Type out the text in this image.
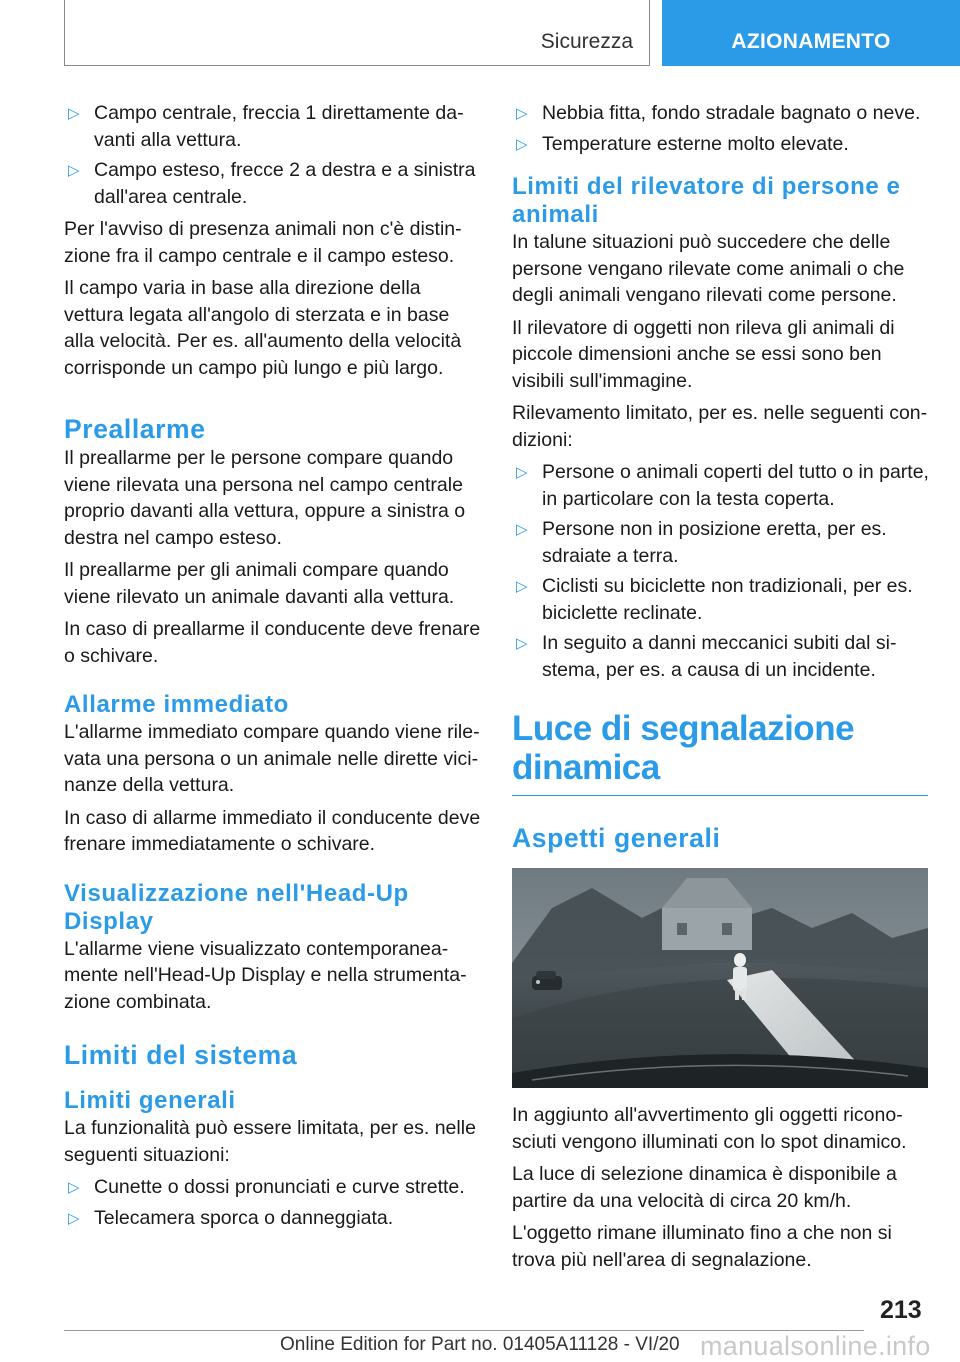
Sicurezza	AZIONAMENTO
▷ Campo centrale, freccia 1 direttamente davanti alla vettura.
▷ Campo esteso, frecce 2 a destra e a sinistra dall'area centrale.

Per l'avviso di presenza animali non c'è distinzione fra il campo centrale e il campo esteso.

Il campo varia in base alla direzione della vettura legata all'angolo di sterzata e in base alla velocità. Per es. all'aumento della velocità corrisponde un campo più lungo e più largo.

Preallarme

Il preallarme per le persone compare quando viene rilevata una persona nel campo centrale proprio davanti alla vettura, oppure a sinistra o destra nel campo esteso.

Il preallarme per gli animali compare quando viene rilevato un animale davanti alla vettura.

In caso di preallarme il conducente deve frenare o schivare.

Allarme immediato

L'allarme immediato compare quando viene rilevata una persona o un animale nelle dirette vicinanze della vettura.

In caso di allarme immediato il conducente deve frenare immediatamente o schivare.

Visualizzazione nell'Head-Up Display

L'allarme viene visualizzato contemporaneamente nell'Head-Up Display e nella strumentazione combinata.

Limiti del sistema
Limiti generali

La funzionalità può essere limitata, per es. nelle seguenti situazioni:

▷ Cunette o dossi pronunciati e curve strette.
▷ Telecamera sporca o danneggiata.
▷ Nebbia fitta, fondo stradale bagnato o neve.
▷ Temperature esterne molto elevate.
Limiti del rilevatore di persone e animali

In talune situazioni può succedere che delle persone vengano rilevate come animali o che degli animali vengano rilevati come persone.

Il rilevatore di oggetti non rileva gli animali di piccole dimensioni anche se essi sono ben visibili sull'immagine.

Rilevamento limitato, per es. nelle seguenti condizioni:

▷ Persone o animali coperti del tutto o in parte, in particolare con la testa coperta.
▷ Persone non in posizione eretta, per es. sdraiate a terra.
▷ Ciclisti su biciclette non tradizionali, per es. biciclette reclinate.
▷ In seguito a danni meccanici subiti dal sistema, per es. a causa di un incidente.
Luce di segnalazione dinamica
Aspetti generali

In aggiunto all'avvertimento gli oggetti riconosciuti vengono illuminati con lo spot dinamico.

La luce di selezione dinamica è disponibile a partire da una velocità di circa 20 km/h.

L'oggetto rimane illuminato fino a che non si trova più nell'area di segnalazione.

213
Online Edition for Part no. 01405A11128 - VI/20 manualsonline.info
